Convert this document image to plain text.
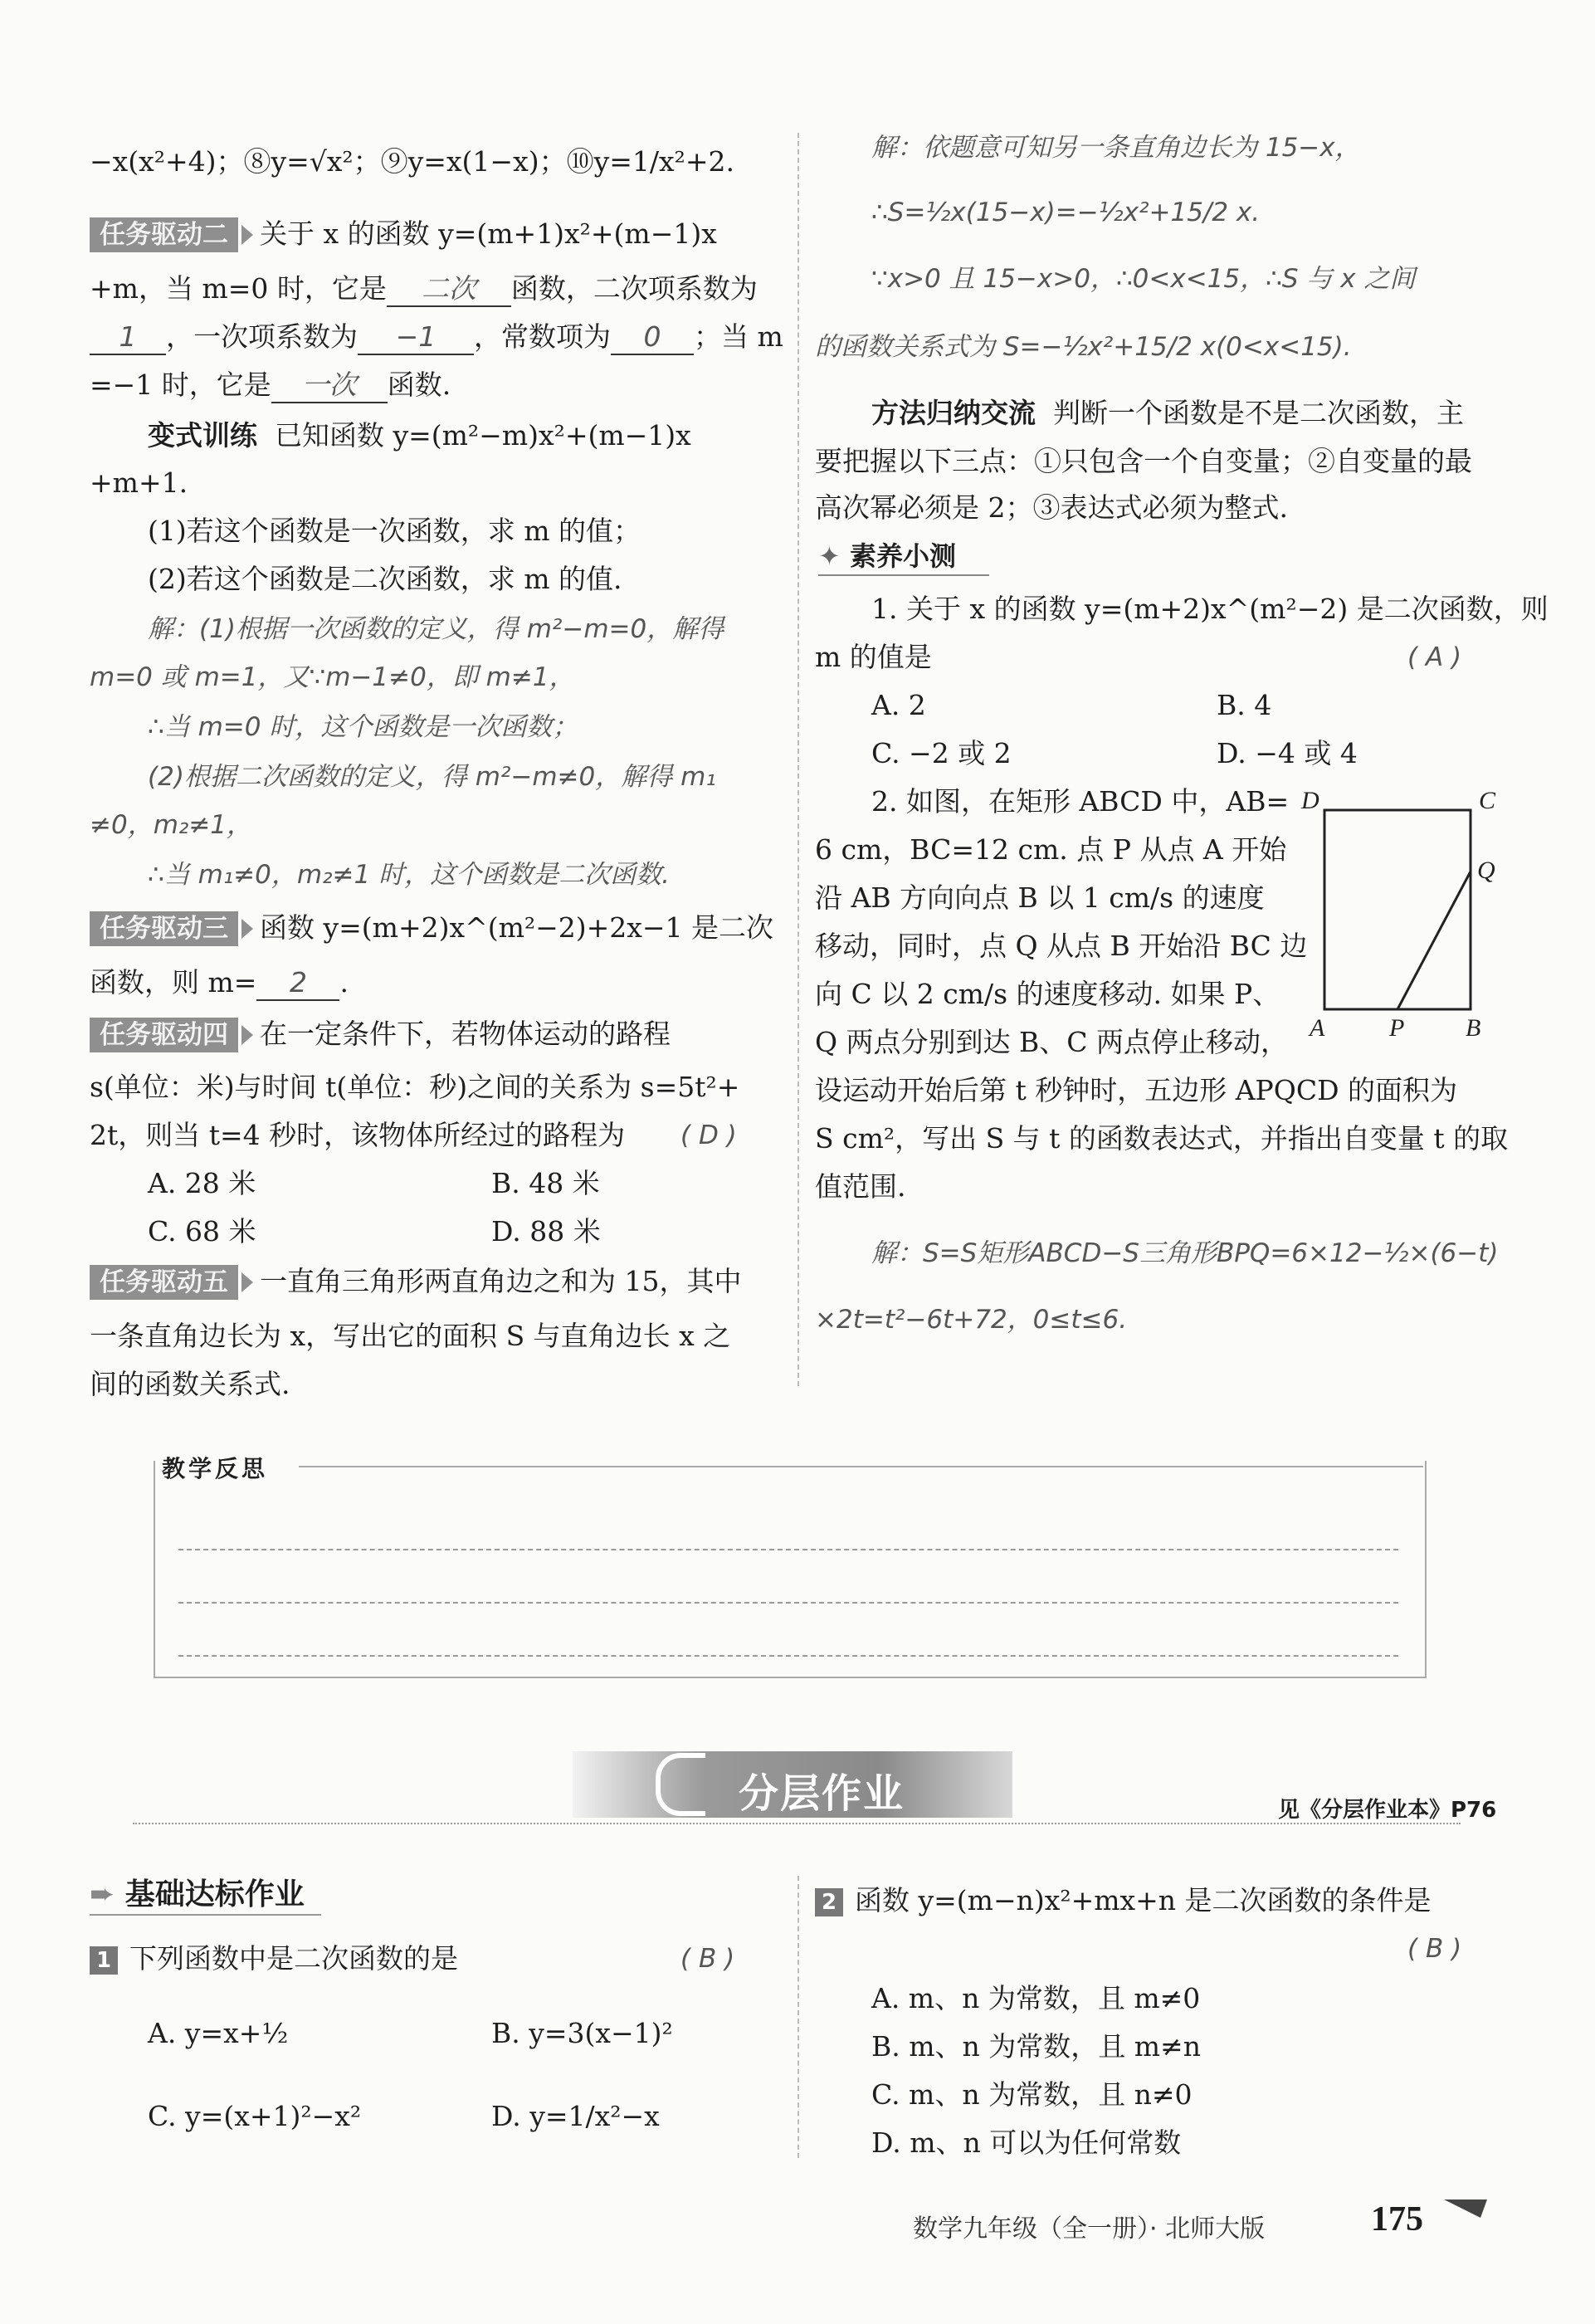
−x(x²+4)；⑧y=√x²；⑨y=x(1−x)；⑩y=1/x²+2.
任务驱动二 关于 x 的函数 y=(m+1)x²+(m−1)x
+m，当 m=0 时，它是 二次 函数，二次项系数为
1 ，一次项系数为 −1 ，常数项为 0 ；当 m
=−1 时，它是 一次 函数.
变式训练 已知函数 y=(m²−m)x²+(m−1)x
+m+1.
(1)若这个函数是一次函数，求 m 的值；
(2)若这个函数是二次函数，求 m 的值.
解：(1)根据一次函数的定义，得 m²−m=0，解得
m=0 或 m=1，又∵m−1≠0，即 m≠1，
∴当 m=0 时，这个函数是一次函数；
(2)根据二次函数的定义，得 m²−m≠0，解得 m₁
≠0，m₂≠1，
∴当 m₁≠0，m₂≠1 时，这个函数是二次函数.
任务驱动三 函数 y=(m+2)x^(m²−2)+2x−1 是二次
函数，则 m= 2 .
任务驱动四 在一定条件下，若物体运动的路程
s(单位：米)与时间 t(单位：秒)之间的关系为 s=5t²+
2t，则当 t=4 秒时，该物体所经过的路程为 ( D )
A. 28 米	B. 48 米
C. 68 米	D. 88 米
任务驱动五 一直角三角形两直角边之和为 15，其中
一条直角边长为 x，写出它的面积 S 与直角边长 x 之
间的函数关系式.
解：依题意可知另一条直角边长为 15−x，
∴S=½x(15−x)=−½x²+15/2 x.
∵x>0 且 15−x>0，∴0<x<15，∴S 与 x 之间
的函数关系式为 S=−½x²+15/2 x(0<x<15).
方法归纳交流 判断一个函数是不是二次函数，主
要把握以下三点：①只包含一个自变量；②自变量的最
高次幂必须是 2；③表达式必须为整式.
✦ 素养小测
1. 关于 x 的函数 y=(m+2)x^(m²−2) 是二次函数，则
m 的值是	( A )
A. 2	B. 4
C. −2 或 2	D. −4 或 4
2. 如图，在矩形 ABCD 中，AB=
6 cm，BC=12 cm. 点 P 从点 A 开始
沿 AB 方向向点 B 以 1 cm/s 的速度
移动，同时，点 Q 从点 B 开始沿 BC 边
向 C 以 2 cm/s 的速度移动. 如果 P、
Q 两点分别到达 B、C 两点停止移动，
设运动开始后第 t 秒钟时，五边形 APQCD 的面积为
S cm²，写出 S 与 t 的函数表达式，并指出自变量 t 的取
值范围.
D	C
Q
A	P B
解：S=S矩形ABCD−S三角形BPQ=6×12−½×(6−t)
×2t=t²−6t+72，0≤t≤6.
教学反思
分层作业	见《分层作业本》P76
➨ 基础达标作业
1 下列函数中是二次函数的是	( B )
A. y=x+½	B. y=3(x−1)²
C. y=(x+1)²−x²	D. y=1/x²−x
2 函数 y=(m−n)x²+mx+n 是二次函数的条件是
( B )
A. m、n 为常数，且 m≠0
B. m、n 为常数，且 m≠n
C. m、n 为常数，且 n≠0
D. m、n 可以为任何常数
数学九年级（全一册）· 北师大版	175
